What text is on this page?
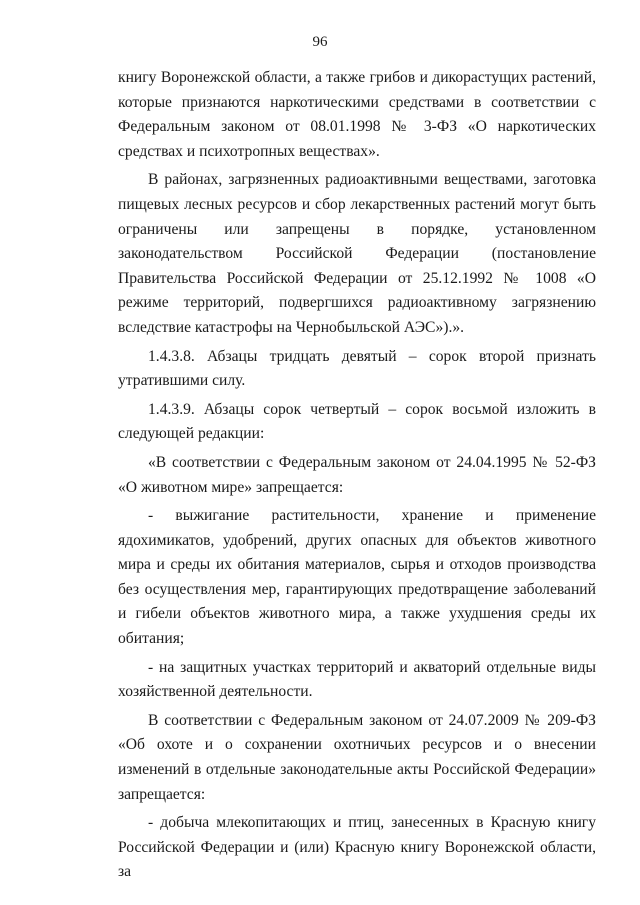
96

книгу Воронежской области, а также грибов и дикорастущих растений, которые признаются наркотическими средствами в соответствии с Федеральным законом от 08.01.1998 № 3-ФЗ «О наркотических средствах и психотропных веществах».

В районах, загрязненных радиоактивными веществами, заготовка пищевых лесных ресурсов и сбор лекарственных растений могут быть ограничены или запрещены в порядке, установленном законодательством Российской Федерации (постановление Правительства Российской Федерации от 25.12.1992 № 1008 «О режиме территорий, подвергшихся радиоактивному загрязнению вследствие катастрофы на Чернобыльской АЭС»).».

1.4.3.8. Абзацы тридцать девятый – сорок второй признать утратившими силу.

1.4.3.9. Абзацы сорок четвертый – сорок восьмой изложить в следующей редакции:

«В соответствии с Федеральным законом от 24.04.1995 № 52-ФЗ «О животном мире» запрещается:

- выжигание растительности, хранение и применение ядохимикатов, удобрений, других опасных для объектов животного мира и среды их обитания материалов, сырья и отходов производства без осуществления мер, гарантирующих предотвращение заболеваний и гибели объектов животного мира, а также ухудшения среды их обитания;

- на защитных участках территорий и акваторий отдельные виды хозяйственной деятельности.

В соответствии с Федеральным законом от 24.07.2009 № 209-ФЗ «Об охоте и о сохранении охотничьих ресурсов и о внесении изменений в отдельные законодательные акты Российской Федерации» запрещается:

- добыча млекопитающих и птиц, занесенных в Красную книгу Российской Федерации и (или) Красную книгу Воронежской области, за
